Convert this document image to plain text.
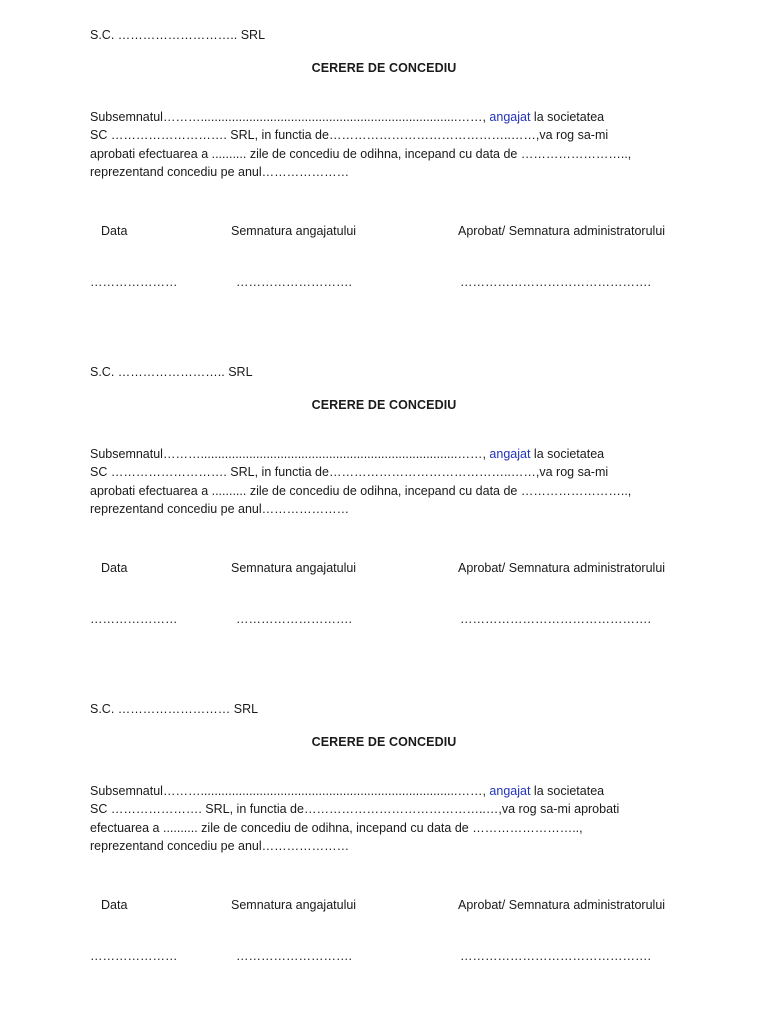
S.C. ……………………….. SRL
CERERE DE CONCEDIU
Subsemnatul………..........................................................................……, angajat la societatea
SC ………………………. SRL, in functia de……………………………………..……,va rog sa-mi
aprobati efectuarea a .......... zile de concediu de odihna, incepand cu data de ……………………..,
reprezentand concediu pe anul…………………
Data	Semnatura angajatului	Aprobat/ Semnatura administratorului
…………………	……………………….	……………………………………….
S.C. …………………….. SRL
CERERE DE CONCEDIU
Subsemnatul………..........................................................................……, angajat la societatea
SC ………………………. SRL, in functia de……………………………………..……,va rog sa-mi
aprobati efectuarea a .......... zile de concediu de odihna, incepand cu data de ……………………..,
reprezentand concediu pe anul…………………
Data	Semnatura angajatului	Aprobat/ Semnatura administratorului
…………………	……………………….	……………………………………….
S.C. ……………………… SRL
CERERE DE CONCEDIU
Subsemnatul………..........................................................................……, angajat la societatea
SC …………………. SRL, in functia de……………………………………..…,va rog sa-mi aprobati
efectuarea a .......... zile de concediu de odihna, incepand cu data de ……………………..,
reprezentand concediu pe anul…………………
Data	Semnatura angajatului	Aprobat/ Semnatura administratorului
…………………	……………………….	……………………………………….
